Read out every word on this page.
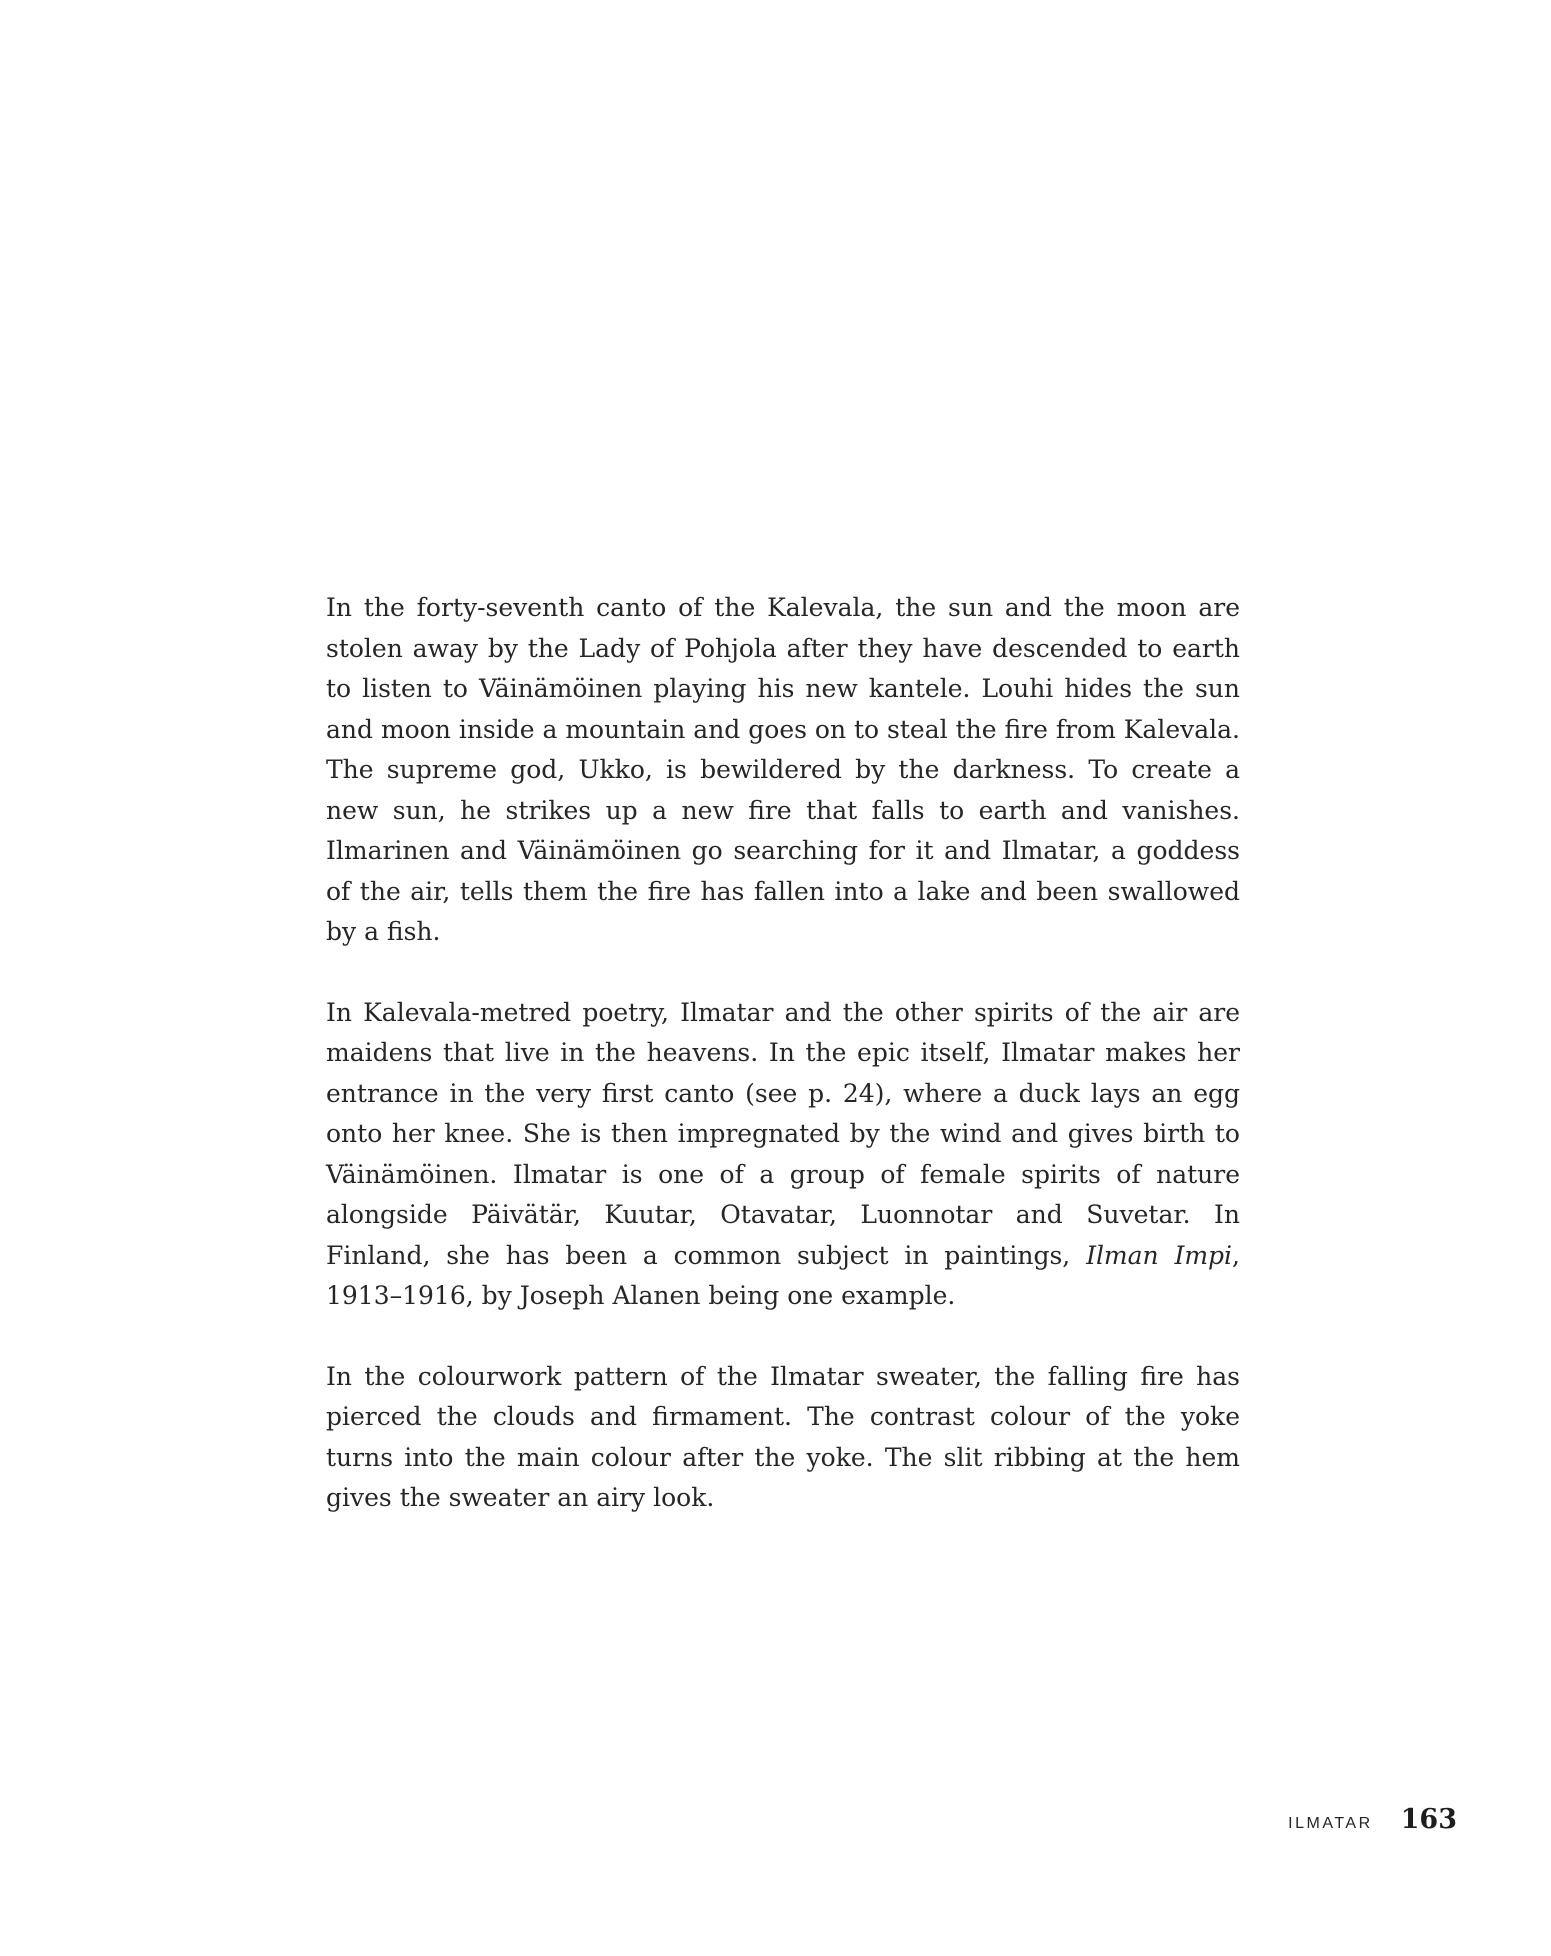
In the forty-seventh canto of the Kalevala, the sun and the moon are stolen away by the Lady of Pohjola after they have descended to earth to listen to Väinämöinen playing his new kantele. Louhi hides the sun and moon inside a mountain and goes on to steal the fire from Kalevala. The supreme god, Ukko, is bewildered by the darkness. To create a new sun, he strikes up a new fire that falls to earth and vanishes. Ilmarinen and Väinämöinen go searching for it and Ilmatar, a goddess of the air, tells them the fire has fallen into a lake and been swallowed by a fish.

In Kalevala-metred poetry, Ilmatar and the other spirits of the air are maidens that live in the heavens. In the epic itself, Ilmatar makes her entrance in the very first canto (see p. 24), where a duck lays an egg onto her knee. She is then impregnated by the wind and gives birth to Väinämöinen. Ilmatar is one of a group of female spirits of nature alongside Päivätär, Kuutar, Otavatar, Luonnotar and Suvetar. In Finland, she has been a common subject in paintings, Ilman Impi, 1913–1916, by Joseph Alanen being one example.

In the colourwork pattern of the Ilmatar sweater, the falling fire has pierced the clouds and firmament. The contrast colour of the yoke turns into the main colour after the yoke. The slit ribbing at the hem gives the sweater an airy look.

ILMATAR 163
